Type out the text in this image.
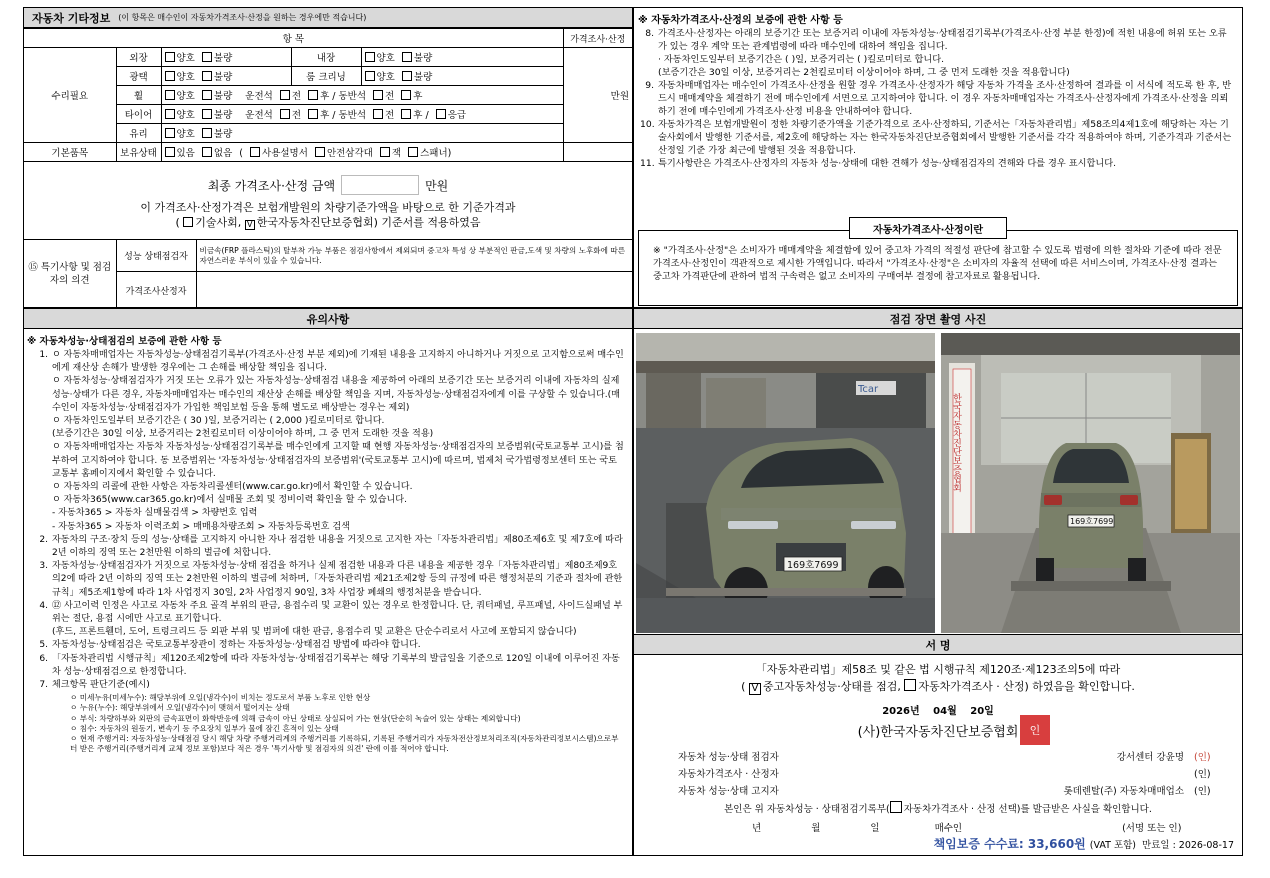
자동차 기타정보 (이 항목은 매수인이 자동차가격조사·산정을 원하는 경우에만 적습니다)
항 목					가격조사·산정
수리필요	외장	양호 불량	내장	양호 불량	만원
	광택	양호 불량	룸 크리닝	양호 불량	
	휠	양호 불량 운전석 전 후 / 동반석 전 후			
	타이어	양호 불량 운전석 전 후 / 동반석 전 후 / 응급			
	유리	양호 불량			
기본품목	보유상태	있음 없음 ( 사용설명서 안전삼각대 잭 스패너)			
최종 가격조사·산정 금액	만원
이 가격조사·산정가격은 보험개발원의 차량기준가액을 바탕으로 한 기준가격과
( 기술사회, V 한국자동차진단보증협회) 기준서를 적용하였음
⑮ 특기사항 및 점검자의 의견	성능 상태점검자	비금속(FRP 플라스틱)의 탈부착 가능 부품은 점검사항에서 제외되며 중고차 특성 상 부분적인 판금,도색 및 차량의 노후화에 따른 자연스러운 부식이 있을 수 있습니다.
	가격조사산정자	
※ 자동차가격조사·산정의 보증에 관한 사항 등
8. 가격조사·산정자는 아래의 보증기간 또는 보증거리 이내에 자동차성능·상태점검기록부(가격조사·산정 부분 한정)에 적힌 내용에 허위 또는 오류가 있는 경우 계약 또는 관계법령에 따라 매수인에 대하여 책임을 집니다.
· 자동차인도일부터 보증기간은 ( )일, 보증거리는 ( )킬로미터로 합니다.
(보증기간은 30일 이상, 보증거리는 2천킬로미터 이상이어야 하며, 그 중 먼저 도래한 것을 적용합니다)
9. 자동차매매업자는 매수인이 가격조사·산정을 원할 경우 가격조사·산정자가 해당 자동차 가격을 조사·산정하여 결과를 이 서식에 적도록 한 후, 반드시 매매계약을 체결하기 전에 매수인에게 서면으로 고지하여야 합니다. 이 경우 자동차매매업자는 가격조사·산정자에게 가격조사·산정을 의뢰하기 전에 매수인에게 가격조사·산정 비용을 안내하여야 합니다.
10. 자동차가격은 보험개발원이 정한 차량기준가액을 기준가격으로 조사·산정하되, 기준서는「자동차관리법」제58조의4제1호에 해당하는 자는 기술사회에서 발행한 기준서를, 제2호에 해당하는 자는 한국자동차진단보증협회에서 발행한 기준서를 각각 적용하여야 하며, 기준가격과 기준서는 산정일 기준 가장 최근에 발행된 것을 적용합니다.
11. 특기사항란은 가격조사·산정자의 자동차 성능·상태에 대한 견해가 성능·상태점검자의 견해와 다를 경우 표시합니다.
자동차가격조사·산정이란
※ "가격조사·산정"은 소비자가 매매계약을 체결함에 있어 중고차 가격의 적절성 판단에 참고할 수 있도록 법령에 의한 절차와 기준에 따라 전문 가격조사·산정인이 객관적으로 제시한 가액입니다. 따라서 "가격조사·산정"은 소비자의 자율적 선택에 따른 서비스이며, 가격조사·산정 결과는 중고차 가격판단에 관하여 법적 구속력은 없고 소비자의 구매여부 결정에 참고자료로 활용됩니다.
유의사항
※ 자동차성능·상태점검의 보증에 관한 사항 등
1. ㅇ 자동차매매업자는 자동차성능·상태점검기록부(가격조사·산정 부분 제외)에 기재된 내용을 고지하지 아니하거나 거짓으로 고지함으로써 매수인에게 재산상 손해가 발생한 경우에는 그 손해를 배상할 책임을 집니다.
ㅇ 자동차성능·상태점검자가 거짓 또는 오류가 있는 자동차성능·상태점검 내용을 제공하여 아래의 보증기간 또는 보증거리 이내에 자동차의 실제 성능·상태가 다른 경우, 자동차매매업자는 매수인의 재산상 손해를 배상할 책임을 지며, 자동차성능·상태점검자에게 이를 구상할 수 있습니다.(매수인이 자동차성능·상태점검자가 가입한 책임보험 등을 통해 별도로 배상받는 경우는 제외)
ㅇ 자동차인도일부터 보증기간은 ( 30 )일, 보증거리는 ( 2,000 )킬로미터로 합니다.
(보증기간은 30일 이상, 보증거리는 2천킬로미터 이상이어야 하며, 그 중 먼저 도래한 것을 적용)
ㅇ 자동차매매업자는 자동차 자동차성능·상태점검기록부를 매수인에게 고지할 때 현행 자동차성능·상태점검자의 보증범위(국토교통부 고시)를 첨부하여 고지하여야 합니다. 동 보증범위는 '자동차성능·상태점검자의 보증범위'(국토교통부 고시)에 따르며, 법제처 국가법령정보센터 또는 국토교통부 홈페이지에서 확인할 수 있습니다.
ㅇ 자동차의 리콜에 관한 사항은 자동차리콜센터(www.car.go.kr)에서 확인할 수 있습니다.
ㅇ 자동차365(www.car365.go.kr)에서 실매물 조회 및 정비이력 확인을 할 수 있습니다.
- 자동차365 > 자동차 실매물검색 > 차량번호 입력
- 자동차365 > 자동차 이력조회 > 매매용차량조회 > 자동차등록번호 검색
2. 자동차의 구조·장치 등의 성능·상태를 고지하지 아니한 자나 점검한 내용을 거짓으로 고지한 자는「자동차관리법」제80조제6호 및 제7호에 따라 2년 이하의 징역 또는 2천만원 이하의 벌금에 처합니다.
3. 자동차성능·상태점검자가 거짓으로 자동차성능·상태 점검을 하거나 실제 점검한 내용과 다른 내용을 제공한 경우「자동차관리법」제80조제9호의2에 따라 2년 이하의 징역 또는 2천만원 이하의 벌금에 처하며,「자동차관리법 제21조제2항 등의 규정에 따른 행정처분의 기준과 절차에 관한 규칙」제5조제1항에 따라 1차 사업정지 30일, 2차 사업정지 90일, 3차 사업장 폐쇄의 행정처분을 받습니다.
4. ⑫ 사고이력 인정은 사고로 자동차 주요 골격 부위의 판금, 용접수리 및 교환이 있는 경우로 한정합니다. 단, 쿼터패널, 루프패널, 사이드실패널 부위는 절단, 용접 시에만 사고로 표기합니다.
(후드, 프론트휀더, 도어, 트렁크리드 등 외판 부위 및 범퍼에 대한 판금, 용접수리 및 교환은 단순수리로서 사고에 포함되지 않습니다)
5. 자동차성능·상태점검은 국토교통부장관이 정하는 자동차성능·상태점검 방법에 따라야 합니다.
6. 「자동차관리법 시행규칙」제120조제2항에 따라 자동차성능·상태점검기록부는 해당 기록부의 발급일을 기준으로 120일 이내에 이루어진 자동차 성능·상태점검으로 한정합니다.
7. 체크항목 판단기준(예시)
ㅇ 미세누유(미세누수): 해당부위에 오일(냉각수)이 비치는 정도로서 부품 노후로 인한 현상
ㅇ 누유(누수): 해당부위에서 오일(냉각수)이 맺혀서 떨어지는 상태
ㅇ 부식: 차량하부와 외판의 금속표면이 화학반응에 의해 금속이 아닌 상태로 상실되어 가는 현상(단순히 녹슬어 있는 상태는 제외합니다)
ㅇ 침수: 자동차의 원동기, 변속기 등 주요장치 일부가 물에 잠긴 흔적이 있는 상태
ㅇ 현재 주행거리: 자동차성능·상태점검 당시 해당 차량 주행거리계의 주행거리를 기록하되, 기록된 주행거리가 자동차전산정보처리조직(자동차관리정보시스템)으로부터 받은 주행거리(주행거리계 교체 정보 포함)보다 적은 경우 '특기사항 및 점검자의 의견' 란에 이를 적어야 합니다.
점검 장면 촬영 사진
Tcar
169호7699
한국자동차진단보증협회
169호7699
서 명
「자동차관리법」제58조 및 같은 법 시행규칙 제120조·제123조의5에 따라
( V 중고자동차성능·상태를 점검, 자동차가격조사 · 산정) 하였음을 확인합니다.
2026년 04월 20일
(사)한국자동차진단보증협회	인
자동차 성능·상태 점검자	강서센터 강윤명	(인)
자동차가격조사 · 산정자	(인)
자동차 성능·상태 고지자	롯데렌탈(주) 자동차매매업소	(인)
본인은 위 자동차성능 · 상태점검기록부( 자동차가격조사 · 산정 선택)를 발급받은 사실을 확인합니다.
년	월	일	매수인	(서명 또는 인)
책임보증 수수료: 33,660원 (VAT 포함) 만료일 : 2026-08-17
